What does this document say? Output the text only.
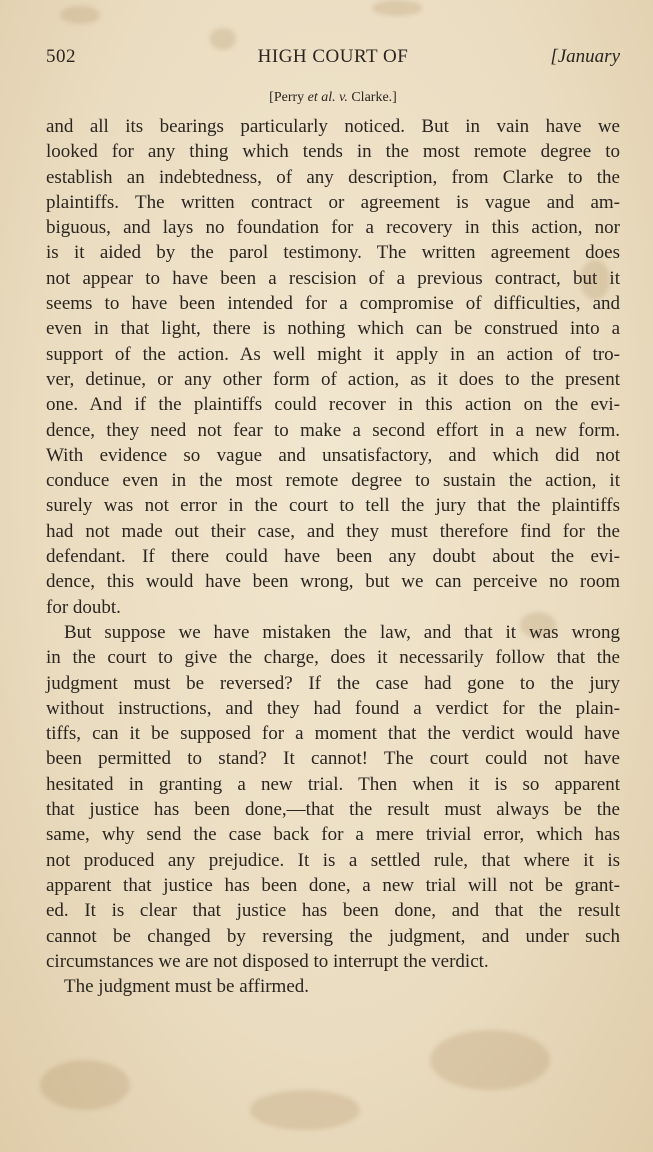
502	HIGH COURT OF	[January
[Perry et al. v. Clarke.]
and all its bearings particularly noticed. But in vain have we
looked for any thing which tends in the most remote degree to
establish an indebtedness, of any description, from Clarke to the
plaintiffs. The written contract or agreement is vague and am-
biguous, and lays no foundation for a recovery in this action, nor
is it aided by the parol testimony. The written agreement does
not appear to have been a rescision of a previous contract, but it
seems to have been intended for a compromise of difficulties, and
even in that light, there is nothing which can be construed into a
support of the action. As well might it apply in an action of tro-
ver, detinue, or any other form of action, as it does to the present
one. And if the plaintiffs could recover in this action on the evi-
dence, they need not fear to make a second effort in a new form.
With evidence so vague and unsatisfactory, and which did not
conduce even in the most remote degree to sustain the action, it
surely was not error in the court to tell the jury that the plaintiffs
had not made out their case, and they must therefore find for the
defendant. If there could have been any doubt about the evi-
dence, this would have been wrong, but we can perceive no room
for doubt.
But suppose we have mistaken the law, and that it was wrong
in the court to give the charge, does it necessarily follow that the
judgment must be reversed? If the case had gone to the jury
without instructions, and they had found a verdict for the plain-
tiffs, can it be supposed for a moment that the verdict would have
been permitted to stand? It cannot! The court could not have
hesitated in granting a new trial. Then when it is so apparent
that justice has been done,—that the result must always be the
same, why send the case back for a mere trivial error, which has
not produced any prejudice. It is a settled rule, that where it is
apparent that justice has been done, a new trial will not be grant-
ed. It is clear that justice has been done, and that the result
cannot be changed by reversing the judgment, and under such
circumstances we are not disposed to interrupt the verdict.
The judgment must be affirmed.
